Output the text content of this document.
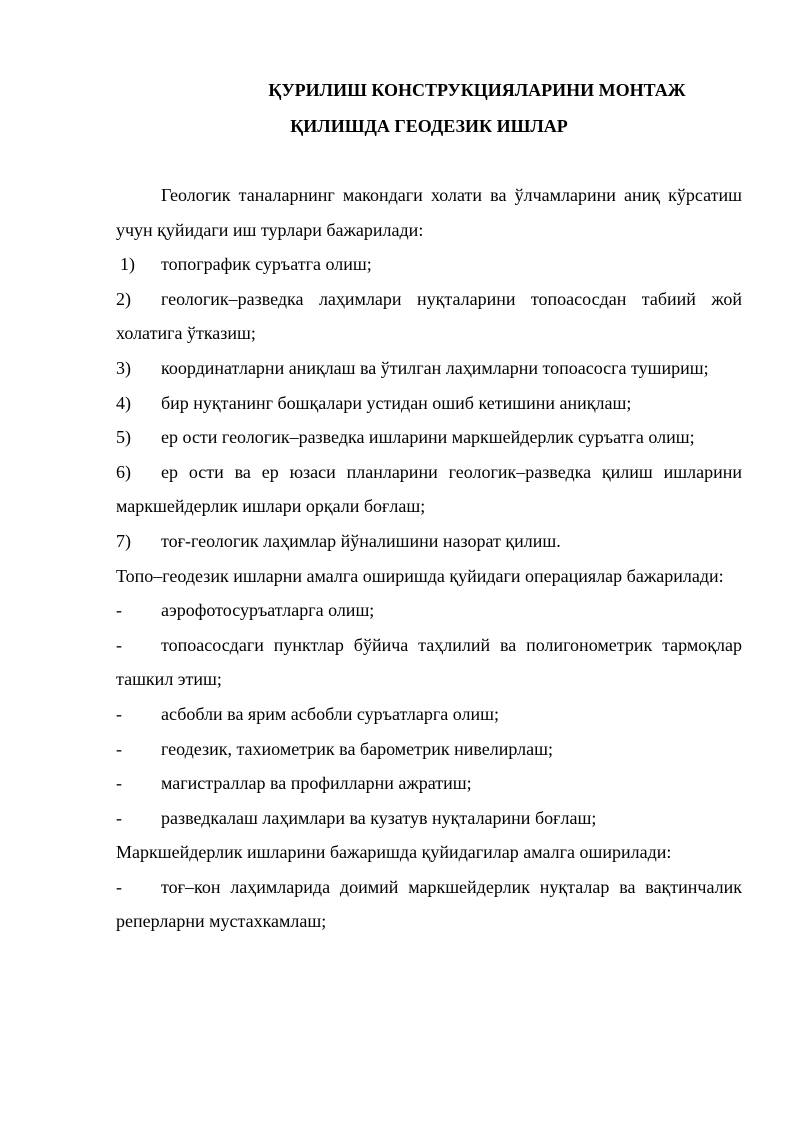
ҚУРИЛИШ КОНСТРУКЦИЯЛАРИНИ МОНТАЖ
ҚИЛИШДА ГЕОДЕЗИК ИШЛАР

Геологик таналарнинг макондаги холати ва ўлчамларини аниқ кўрсатиш учун қуйидаги иш турлари бажарилади:

1) топографик суръатга олиш;

2) геологик–разведка лаҳимлари нуқталарини топоасосдан табиий жой холатига ўтказиш;

3) координатларни аниқлаш ва ўтилган лаҳимларни топоасосга тушириш;

4) бир нуқтанинг бошқалари устидан ошиб кетишини аниқлаш;

5) ер ости геологик–разведка ишларини маркшейдерлик суръатга олиш;

6) ер ости ва ер юзаси планларини геологик–разведка қилиш ишларини маркшейдерлик ишлари орқали боғлаш;

7) тоғ-геологик лаҳимлар йўналишини назорат қилиш.

Топо–геодезик ишларни амалга оширишда қуйидаги операциялар бажарилади:

- аэрофотосуръатларга олиш;

- топоасосдаги пунктлар бўйича таҳлилий ва полигонометрик тармоқлар ташкил этиш;

- асбобли ва ярим асбобли суръатларга олиш;

- геодезик, тахиометрик ва барометрик нивелирлаш;

- магистраллар ва профилларни ажратиш;

- разведкалаш лаҳимлари ва кузатув нуқталарини боғлаш;

Маркшейдерлик ишларини бажаришда қуйидагилар амалга оширилади:

- тоғ–кон лаҳимларида доимий маркшейдерлик нуқталар ва вақтинчалик реперларни мустахкамлаш;
